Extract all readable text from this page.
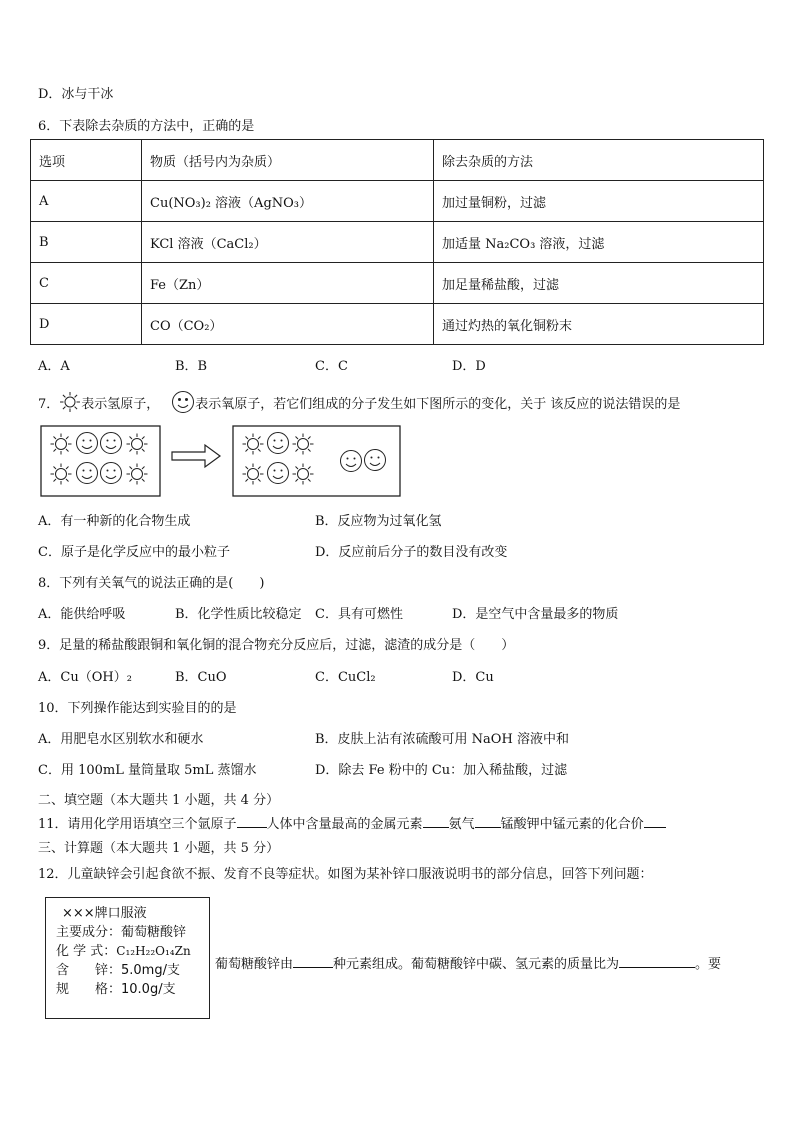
D．冰与干冰
6．下表除去杂质的方法中，正确的是
选项	物质（括号内为杂质）	除去杂质的方法
A	Cu(NO₃)₂ 溶液（AgNO₃）	加过量铜粉，过滤
B	KCl 溶液（CaCl₂）	加适量 Na₂CO₃ 溶液，过滤
C	Fe（Zn）	加足量稀盐酸，过滤
D	CO（CO₂）	通过灼热的氧化铜粉末
A．A	B．B	C．C	D．D
7． 表示氢原子，	表示氧原子，若它们组成的分子发生如下图所示的变化，关于 该反应的说法错误的是
A．有一种新的化合物生成	B．反应物为过氧化氢
C．原子是化学反应中的最小粒子	D．反应前后分子的数目没有改变
8．下列有关氧气的说法正确的是(　　)
A．能供给呼吸	B．化学性质比较稳定 C．具有可燃性	D．是空气中含量最多的物质
9．足量的稀盐酸跟铜和氧化铜的混合物充分反应后，过滤，滤渣的成分是（　　）
A．Cu（OH）₂	B．CuO	C．CuCl₂	D．Cu
10．下列操作能达到实验目的的是
A．用肥皂水区别软水和硬水	B．皮肤上沾有浓硫酸可用 NaOH 溶液中和
C．用 100mL 量筒量取 5mL 蒸馏水	D．除去 Fe 粉中的 Cu：加入稀盐酸，过滤
二、填空题（本大题共 1 小题，共 4 分）
11．请用化学用语填空三个氩原子 人体中含量最高的金属元素 氨气 锰酸钾中锰元素的化合价
三、计算题（本大题共 1 小题，共 5 分）
12．儿童缺锌会引起食欲不振、发育不良等症状。如图为某补锌口服液说明书的部分信息，回答下列问题：
×××牌口服液
主要成分：葡萄糖酸锌
化 学 式：C₁₂H₂₂O₁₄Zn
含　　锌：5.0mg/支
规　　格：10.0g/支
葡萄糖酸锌由	种元素组成。葡萄糖酸锌中碳、氢元素的质量比为	。要
